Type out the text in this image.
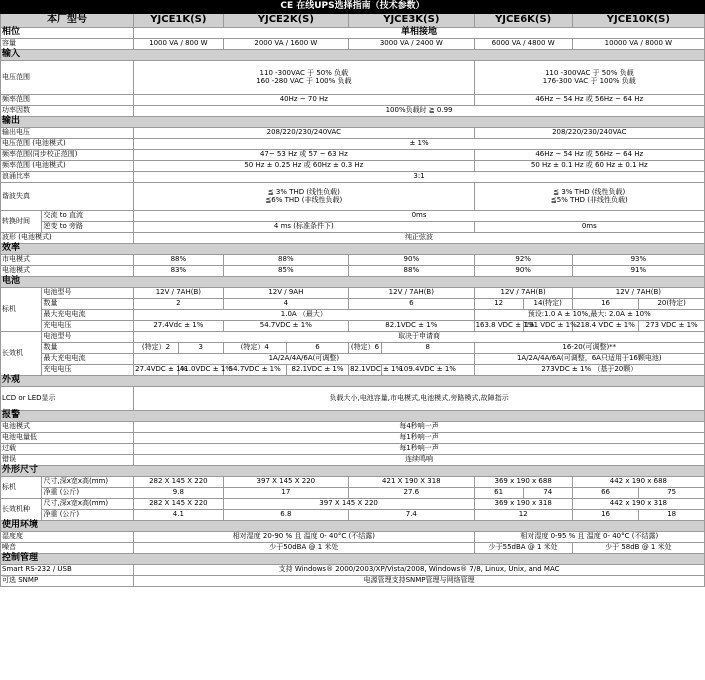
CE 在线UPS选择指南（技术参数）											
本厂型号		YJCE1K(S)		YJCE2K(S)		YJCE3K(S)		YJCE6K(S)		YJCE10K(S)	
相位		单相接地									
容量		1000 VA / 800 W		2000 VA / 1600 W		3000 VA / 2400 W		6000 VA / 4800 W		10000 VA / 8000 W	
输入											
电压范围		110 -300VAC 于 50% 负载
160 -280 VAC 于 100% 负载						110 -300VAC 于 50% 负载
176-300 VAC 于 100% 负载			
频率范围		40Hz ~ 70 Hz						46Hz ~ 54 Hz 或 56Hz ~ 64 Hz			
功率因数		100%负载时 ≧ 0.99									
输出											
输出电压		208/220/230/240VAC						208/220/230/240VAC			
电压范围 (电池模式)		± 1%									
频率范围(同步校正范围)		47~ 53 Hz 或 57 ~ 63 Hz						46Hz ~ 54 Hz 或 56Hz ~ 64 Hz			
频率范围 (电池模式)		50 Hz ± 0.25 Hz 或 60Hz ± 0.3 Hz						50 Hz ± 0.1 Hz 或 60 Hz ± 0.1 Hz			
浪涌比率		3:1									
谐波失真		≦ 3% THD (线性负载)
≦6% THD (非线性负载)						≦ 3% THD (线性负载)
≦5% THD (非线性负载)			
转换时间	交流 to 直流	0ms									
	逆变 to 旁路	4 ms (标准条件下)						0ms			
波形 (电池模式)		纯正弦波									
效率											
市电模式		88%		88%		90%		92%		93%	
电池模式		83%		85%		88%		90%		91%	
电池											
标机	电池型号	12V / 7AH(B)		12V / 9AH		12V / 7AH(B)		12V / 7AH(B)		12V / 7AH(B)	
	数量	2		4		6		12	14(特定)	16	20(特定)
	最大充电电流	1.0A （最大）						预设:1.0 A ± 10%,最大: 2.0A ± 10%			
	充电电压	27.4Vdc ± 1%		54.7VDC ± 1%		82.1VDC ± 1%		163.8 VDC ± 1%	191 VDC ± 1%	218.4 VDC ± 1%	273 VDC ± 1%
长效机	电池型号	取决于申请商									
	数量	(特定）2	3	(特定）4	6	(特定）6	8	16-20(可调整)**			
	最大充电电流	1A/2A/4A/6A(可调整)						1A/2A/4A/6A(可调整，6A只适用于16颗电池)			
	充电电压	27.4VDC ± 1%	41.0VDC ± 1%	54.7VDC ± 1%	82.1VDC ± 1%	82.1VDC ± 1%	109.4VDC ± 1%	273VDC ± 1% （基于20颗）			
外观											
LCD or LED显示		负载大小,电池容量,市电模式,电池模式,旁路模式,故障指示									
报警											
电池模式		每4秒响一声									
电池电量低		每1秒响一声									
过载		每1秒响一声									
错误		连续鸣响									
外形尺寸											
标机	尺寸,深x宽x高(mm)	282 X 145 X 220		397 X 145 X 220		421 X 190 X 318		369 x 190 x 688		442 x 190 x 688	
	净重 (公斤)	9.8		17		27.6		61	74	66	75
长效机种	尺寸,深x宽x高(mm)	282 X 145 X 220		397 X 145 X 220				369 x 190 x 318		442 x 190 x 318	
	净重 (公斤)	4.1		6.8		7.4		12		16	18
使用环境											
湿度度		相对湿度 20-90 % 且 温度 0- 40°C (不结露)						相对湿度 0-95 % 且 温度 0- 40°C (不结露)			
噪音		少于50dBA @ 1 米处						少于55dBA @ 1 米处		少于 58dB @ 1 米处	
控制管理											
Smart RS-232 / USB		支持 Windows® 2000/2003/XP/Vista/2008, Windows® 7/8, Linux, Unix, and MAC									
可选 SNMP		电源管理支持SNMP管理与网络管理									
